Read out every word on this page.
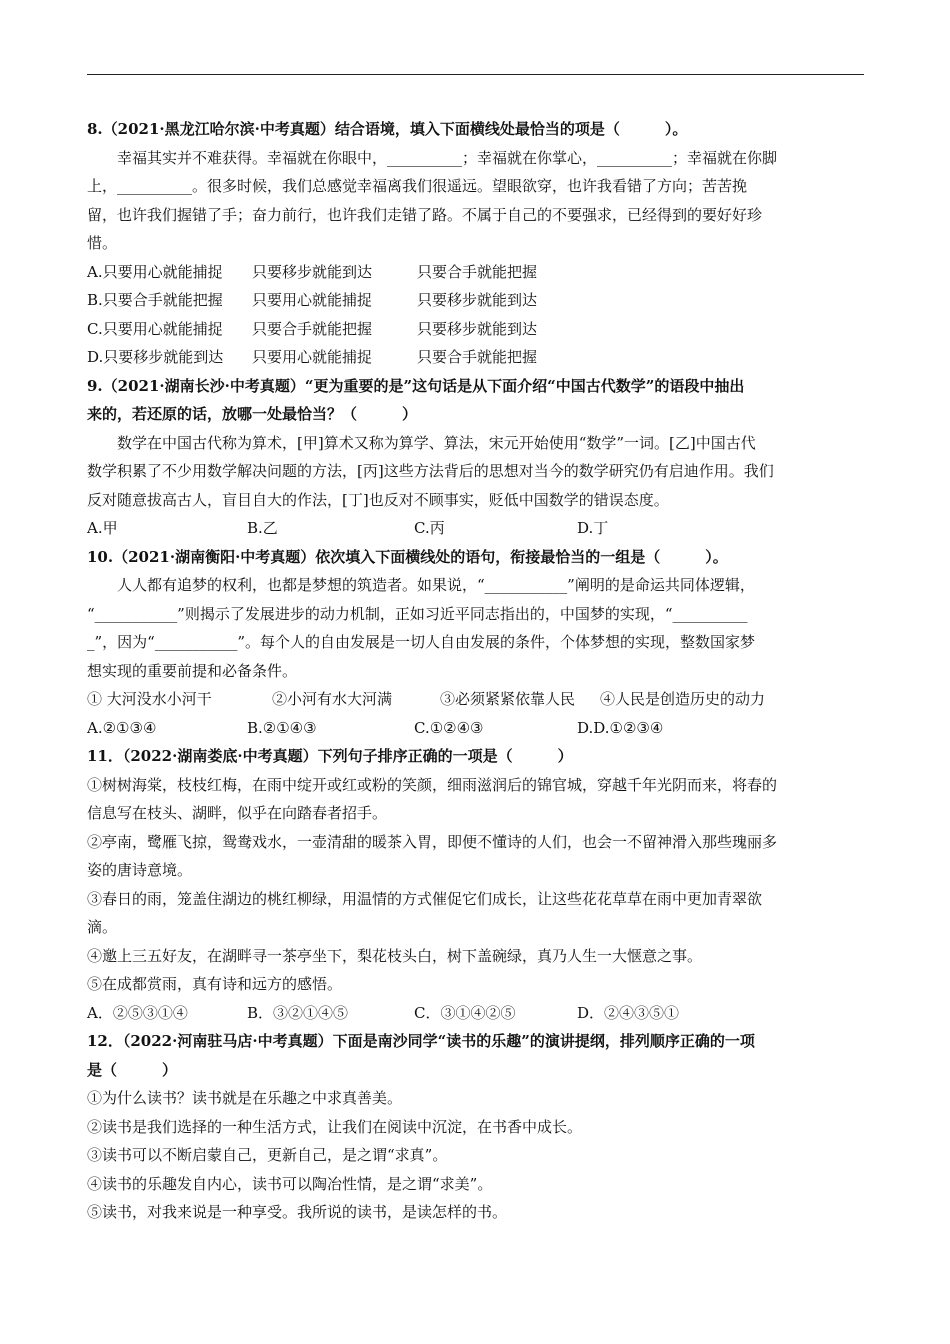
8.（2021·黑龙江哈尔滨·中考真题）结合语境，填入下面横线处最恰当的项是（　　　）。
幸福其实并不难获得。幸福就在你眼中，__________；幸福就在你掌心，__________；幸福就在你脚
上，__________。很多时候，我们总感觉幸福离我们很遥远。望眼欲穿，也许我看错了方向；苦苦挽
留，也许我们握错了手；奋力前行，也许我们走错了路。不属于自己的不要强求，已经得到的要好好珍
惜。
A.只要用心就能捕捉	只要移步就能到达	只要合手就能把握
B.只要合手就能把握	只要用心就能捕捉	只要移步就能到达
C.只要用心就能捕捉	只要合手就能把握	只要移步就能到达
D.只要移步就能到达	只要用心就能捕捉	只要合手就能把握
9.（2021·湖南长沙·中考真题）“更为重要的是”这句话是从下面介绍“中国古代数学”的语段中抽出
来的，若还原的话，放哪一处最恰当？（　　　）
数学在中国古代称为算术，[甲]算术又称为算学、算法，宋元开始使用“数学”一词。[乙]中国古代
数学积累了不少用数学解决问题的方法，[丙]这些方法背后的思想对当今的数学研究仍有启迪作用。我们
反对随意拔高古人，盲目自大的作法，[丁]也反对不顾事实，贬低中国数学的错误态度。
A.甲	B.乙	C.丙	D.丁
10.（2021·湖南衡阳·中考真题）依次填入下面横线处的语句，衔接最恰当的一组是（　　　）。
人人都有追梦的权利，也都是梦想的筑造者。如果说，“___________”阐明的是命运共同体逻辑，
“___________”则揭示了发展进步的动力机制，正如习近平同志指出的，中国梦的实现，“__________
_”，因为“___________”。每个人的自由发展是一切人自由发展的条件，个体梦想的实现，整数国家梦
想实现的重要前提和必备条件。
① 大河没水小河干	②小河有水大河满	③必须紧紧依靠人民	④人民是创造历史的动力
A.②①③④	B.②①④③	C.①②④③	D.D.①②③④
11．（2022·湖南娄底·中考真题）下列句子排序正确的一项是（　　　）
①树树海棠，枝枝红梅，在雨中绽开或红或粉的笑颜，细雨滋润后的锦官城，穿越千年光阴而来，将春的
信息写在枝头、湖畔，似乎在向踏春者招手。
②亭南，鹭雁飞掠，鸳鸯戏水，一壶清甜的暖茶入胃，即便不懂诗的人们，也会一不留神滑入那些瑰丽多
姿的唐诗意境。
③春日的雨，笼盖住湖边的桃红柳绿，用温情的方式催促它们成长，让这些花花草草在雨中更加青翠欲
滴。
④邀上三五好友，在湖畔寻一茶亭坐下，梨花枝头白，树下盖碗绿，真乃人生一大惬意之事。
⑤在成都赏雨，真有诗和远方的感悟。
A．②⑤③①④	B．③②①④⑤	C．③①④②⑤	D．②④③⑤①
12．（2022·河南驻马店·中考真题）下面是南沙同学“读书的乐趣”的演讲提纲，排列顺序正确的一项
是（　　　）
①为什么读书？读书就是在乐趣之中求真善美。
②读书是我们选择的一种生活方式，让我们在阅读中沉淀，在书香中成长。
③读书可以不断启蒙自己，更新自己，是之谓“求真”。
④读书的乐趣发自内心，读书可以陶冶性情，是之谓“求美”。
⑤读书，对我来说是一种享受。我所说的读书，是读怎样的书。
